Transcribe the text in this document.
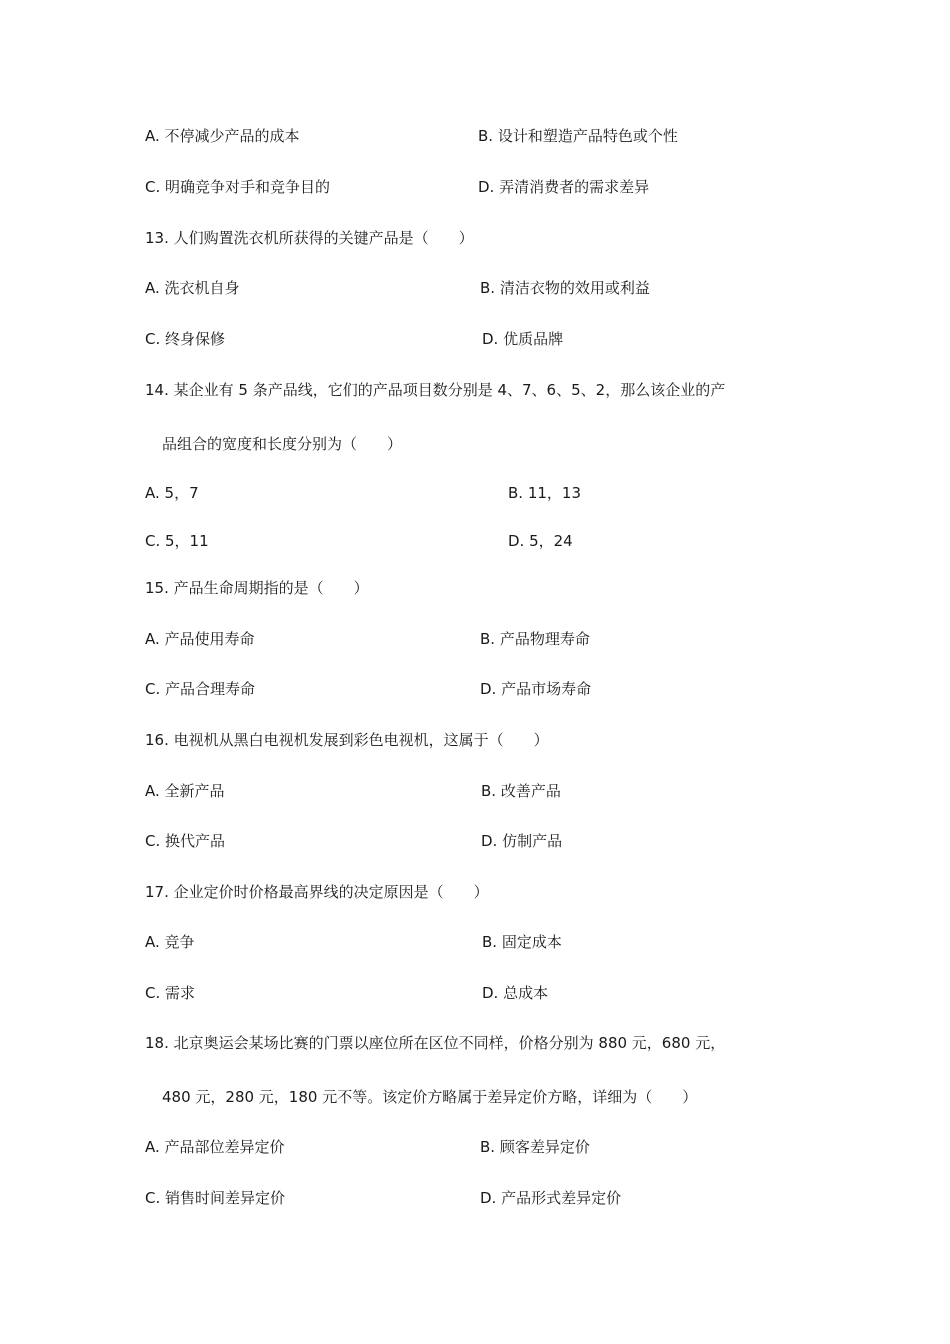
A. 不停减少产品的成本	B. 设计和塑造产品特色或个性
C. 明确竞争对手和竞争目的	D. 弄清消费者的需求差异
13. 人们购置洗衣机所获得的关键产品是（　　）
A. 洗衣机自身	B. 清洁衣物的效用或利益
C. 终身保修	D. 优质品牌
14. 某企业有 5 条产品线，它们的产品项目数分别是 4、7、6、5、2，那么该企业的产
品组合的宽度和长度分别为（　　）
A. 5，7	B. 11，13
C. 5，11	D. 5，24
15. 产品生命周期指的是（　　）
A. 产品使用寿命	B. 产品物理寿命
C. 产品合理寿命	D. 产品市场寿命
16. 电视机从黑白电视机发展到彩色电视机，这属于（　　）
A. 全新产品	B. 改善产品
C. 换代产品	D. 仿制产品
17. 企业定价时价格最高界线的决定原因是（　　）
A. 竞争	B. 固定成本
C. 需求	D. 总成本
18. 北京奥运会某场比赛的门票以座位所在区位不同样，价格分别为 880 元，680 元，
480 元，280 元，180 元不等。该定价方略属于差异定价方略，详细为（　　）
A. 产品部位差异定价	B. 顾客差异定价
C. 销售时间差异定价	D. 产品形式差异定价
